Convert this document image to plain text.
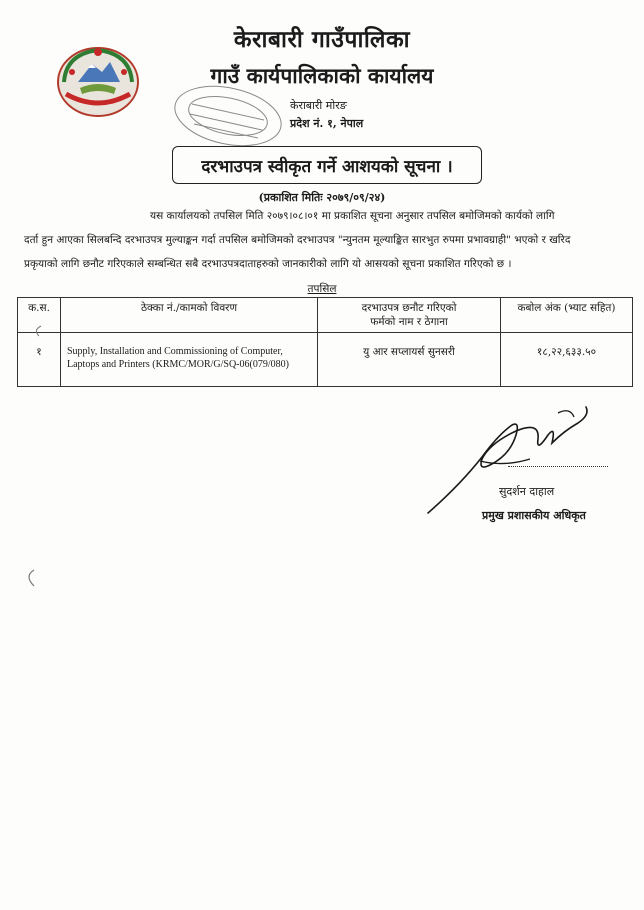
केराबारी गाउँपालिका
गाउँ कार्यपालिकाको कार्यालय
केराबारी मोरङ
प्रदेश नं. १, नेपाल
दरभाउपत्र स्वीकृत गर्ने आशयको सूचना ।
(प्रकाशित मितिः २०७९/०९/२४)
यस कार्यालयको तपसिल मिति २०७९।०८।०१ मा प्रकाशित सूचना अनुसार तपसिल बमोजिमको कार्यको लागि
दर्ता हुन आएका सिलबन्दि दरभाउपत्र मुल्याङ्कन गर्दा तपसिल बमोजिमको दरभाउपत्र "न्युनतम मूल्याङ्कित सारभुत रुपमा प्रभावग्राही" भएको र खरिद
प्रकृयाको लागि छनौट गरिएकाले सम्बन्धित सबै दरभाउपत्रदाताहरुको जानकारीको लागि यो आसयको सूचना प्रकाशित गरिएको छ ।
तपसिल
क.स.	ठेक्का नं./कामको विवरण	दरभाउपत्र छनौट गरिएको
फर्मको नाम र ठेगाना	कबोल अंक (भ्याट सहित)
१	Supply, Installation and Commissioning of Computer,
Laptops and Printers (KRMC/MOR/G/SQ-06(079/080)	यु आर सप्लायर्स सुनसरी	१८,२२,६३३.५०
सुदर्शन दाहाल
प्रमुख प्रशासकीय अधिकृत
